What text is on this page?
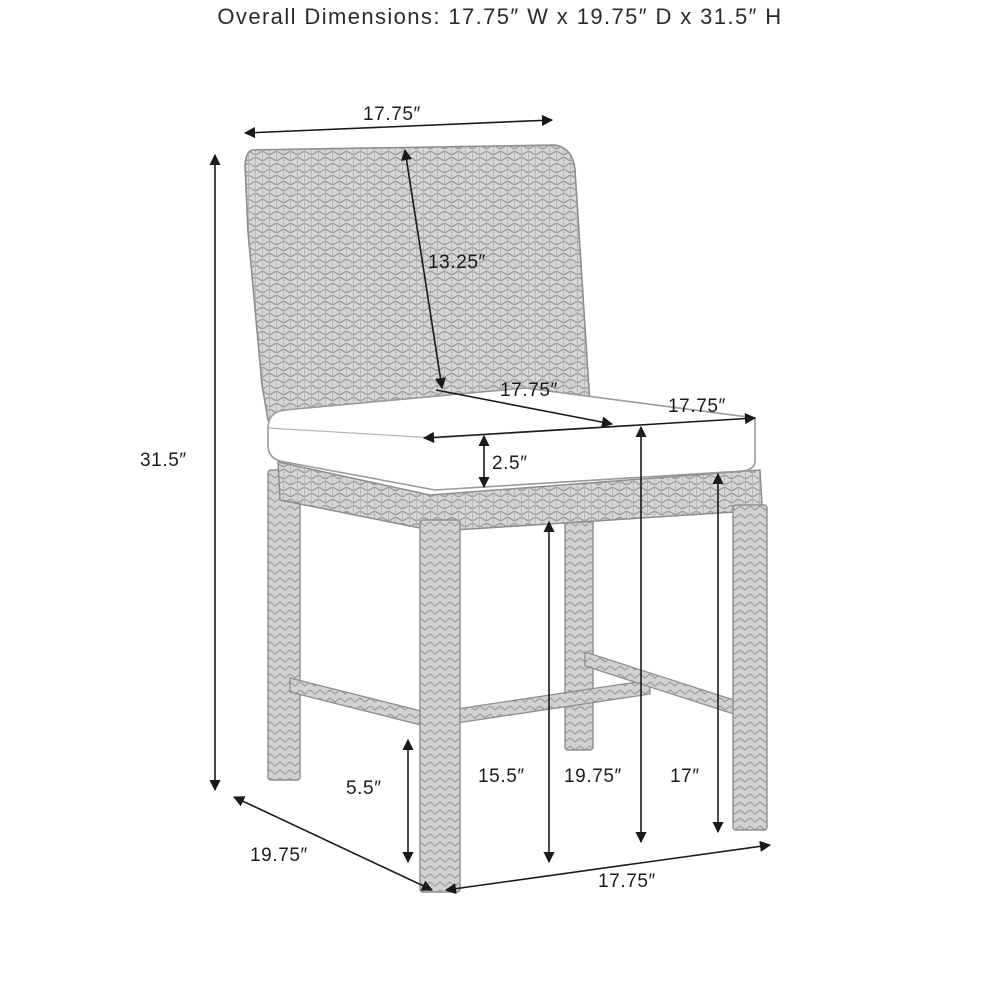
Overall Dimensions: 17.75″ W x 19.75″ D x 31.5″ H
17.75″
13.25″
17.75″
17.75″
2.5″
31.5″
5.5″
15.5″ 19.75″	17″
19.75″
17.75″
